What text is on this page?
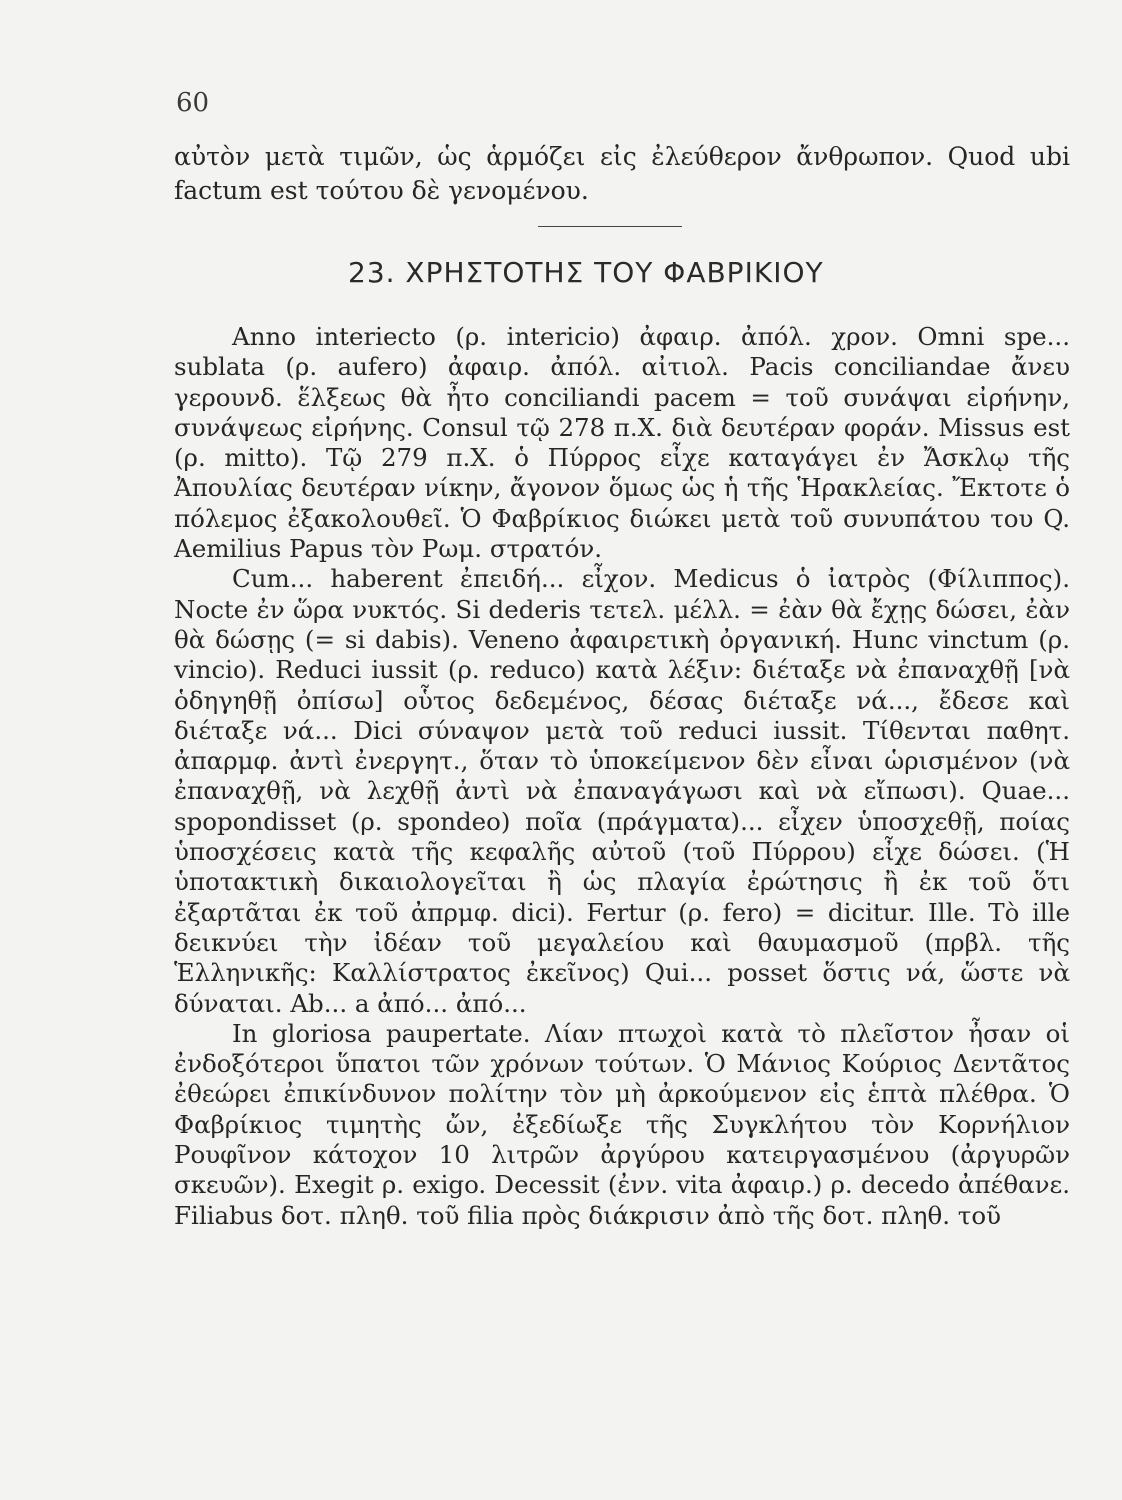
60
αὐτὸν μετὰ τιμῶν, ὡς ἁρμόζει εἰς ἐλεύθερον ἄνθρωπον. Quod ubi factum est τούτου δὲ γενομένου.
23. ΧΡΗΣΤΟΤΗΣ ΤΟΥ ΦΑΒΡΙΚΙΟΥ

Anno interiecto (ρ. intericio) ἀφαιρ. ἀπόλ. χρον. Omni spe... sublata (ρ. aufero) ἀφαιρ. ἀπόλ. αἰτιολ. Pacis conciliandae ἄνευ γερουνδ. ἕλξεως θὰ ἦτο conciliandi pacem = τοῦ συνάψαι εἰρήνην, συνάψεως εἰρήνης. Consul τῷ 278 π.Χ. διὰ δευτέραν φοράν. Missus est (ρ. mitto). Τῷ 279 π.Χ. ὁ Πύρρος εἶχε καταγάγει ἐν Ἄσκλῳ τῆς Ἀπουλίας δευτέραν νίκην, ἄγονον ὅμως ὡς ἡ τῆς Ἡρακλείας. Ἔκτοτε ὁ πόλεμος ἐξακολουθεῖ. Ὁ Φαβρίκιος διώκει μετὰ τοῦ συνυπάτου του Q. Aemilius Papus τὸν Ρωμ. στρατόν.

Cum... haberent ἐπειδή... εἶχον. Medicus ὁ ἰατρὸς (Φίλιππος). Nocte ἐν ὥρα νυκτός. Si dederis τετελ. μέλλ. = ἐὰν θὰ ἔχῃς δώσει, ἐὰν θὰ δώσῃς (= si dabis). Veneno ἀφαιρετικὴ ὀργανική. Hunc vinctum (ρ. vincio). Reduci iussit (ρ. reduco) κατὰ λέξιν: διέταξε νὰ ἐπαναχθῇ [νὰ ὁδηγηθῇ ὀπίσω] οὗτος δεδεμένος, δέσας διέταξε νά..., ἔδεσε καὶ διέταξε νά... Dici σύναψον μετὰ τοῦ reduci iussit. Τίθενται παθητ. ἀπαρμφ. ἀντὶ ἐνεργητ., ὅταν τὸ ὑποκείμενον δὲν εἶναι ὡρισμένον (νὰ ἐπαναχθῇ, νὰ λεχθῇ ἀντὶ νὰ ἐπαναγάγωσι καὶ νὰ εἴπωσι). Quae... spopondisset (ρ. spondeo) ποῖα (πράγματα)... εἶχεν ὑποσχεθῇ, ποίας ὑποσχέσεις κατὰ τῆς κεφαλῆς αὐτοῦ (τοῦ Πύρρου) εἶχε δώσει. (Ἡ ὑποτακτικὴ δικαιολογεῖται ἢ ὡς πλαγία ἐρώτησις ἢ ἐκ τοῦ ὅτι ἐξαρτᾶται ἐκ τοῦ ἀπρμφ. dici). Fertur (ρ. fero) = dicitur. Ille. Τὸ ille δεικνύει τὴν ἰδέαν τοῦ μεγαλείου καὶ θαυμασμοῦ (πρβλ. τῆς Ἑλληνικῆς: Καλλίστρατος ἐκεῖνος) Qui... posset ὅστις νά, ὥστε νὰ δύναται. Ab... a ἀπό... ἀπό...

In gloriosa paupertate. Λίαν πτωχοὶ κατὰ τὸ πλεῖστον ἦσαν οἱ ἐνδοξότεροι ὕπατοι τῶν χρόνων τούτων. Ὁ Μάνιος Κούριος Δεντᾶτος ἐθεώρει ἐπικίνδυνον πολίτην τὸν μὴ ἀρκούμενον εἰς ἑπτὰ πλέθρα. Ὁ Φαβρίκιος τιμητὴς ὤν, ἐξεδίωξε τῆς Συγκλήτου τὸν Κορνήλιον Ρουφῖνον κάτοχον 10 λιτρῶν ἀργύρου κατειργασμένου (ἀργυρῶν σκευῶν). Exegit ρ. exigo. Decessit (ἐνν. vita ἀφαιρ.) ρ. decedo ἀπέθανε. Filiabus δοτ. πληθ. τοῦ filia πρὸς διάκρισιν ἀπὸ τῆς δοτ. πληθ. τοῦ
